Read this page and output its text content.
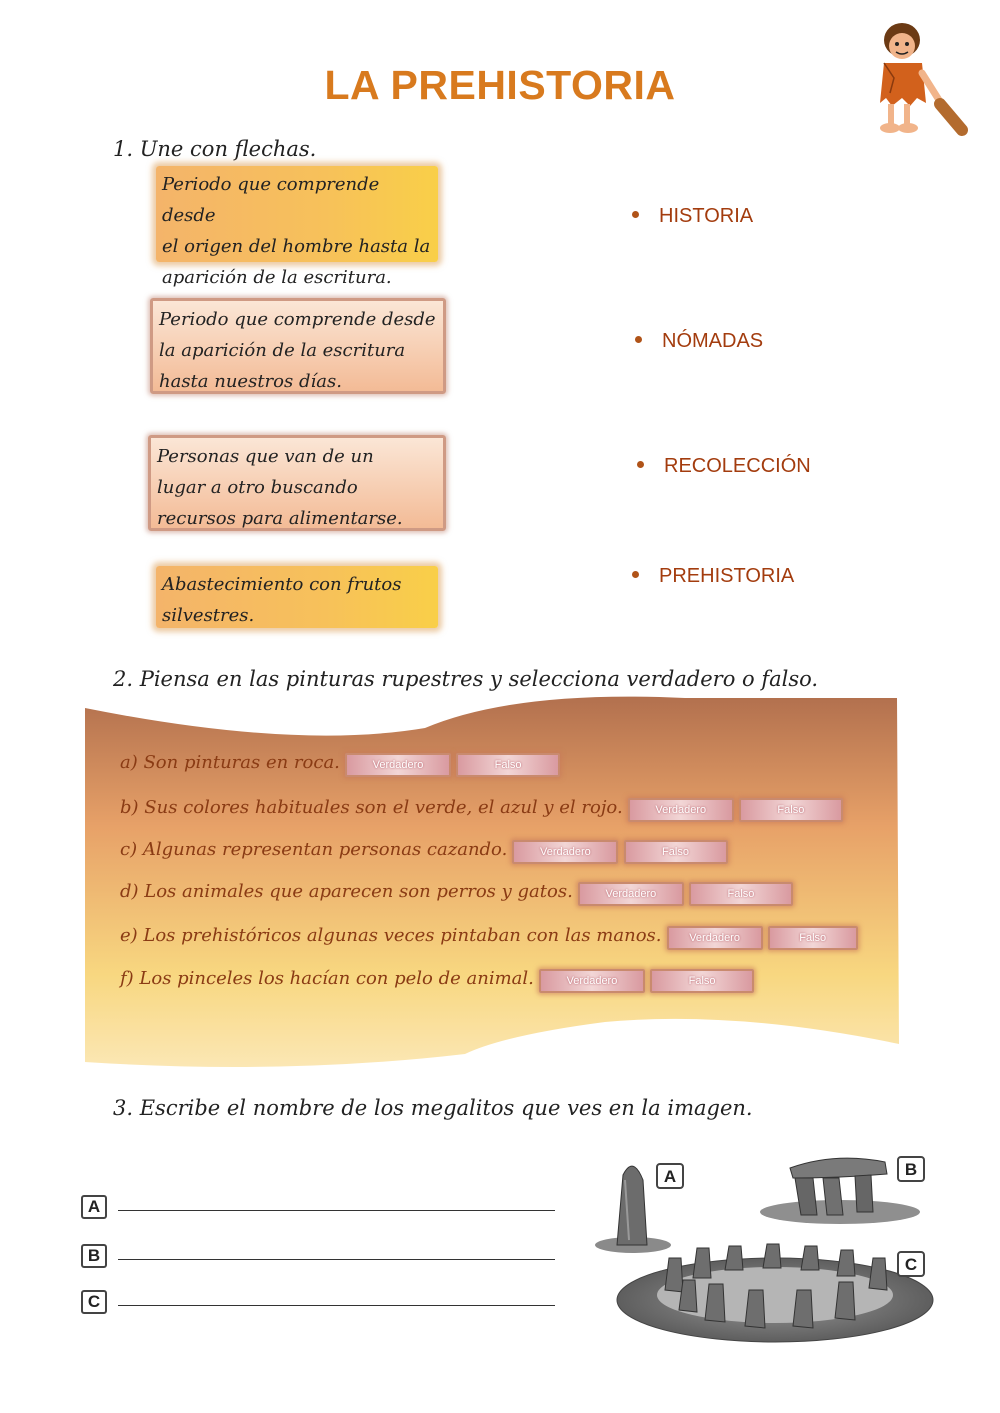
LA PREHISTORIA
1. Une con flechas.
Periodo que comprende desde
el origen del hombre hasta la
aparición de la escritura.
Periodo que comprende desde
la aparición de la escritura
hasta nuestros días.
Personas que van de un
lugar a otro buscando
recursos para alimentarse.
Abastecimiento con frutos
silvestres.
HISTORIA
NÓMADAS
RECOLECCIÓN
PREHISTORIA
2. Piensa en las pinturas rupestres y selecciona verdadero o falso.
a) Son pinturas en roca.	Verdadero	Falso
b) Sus colores habituales son el verde, el azul y el rojo.	Verdadero	Falso
c) Algunas representan personas cazando.	Verdadero	Falso
d) Los animales que aparecen son perros y gatos.	Verdadero	Falso
e) Los prehistóricos algunas veces pintaban con las manos.	Verdadero	Falso
f) Los pinceles los hacían con pelo de animal.	Verdadero	Falso
3. Escribe el nombre de los megalitos que ves en la imagen.
A
B
C
A	B
C
